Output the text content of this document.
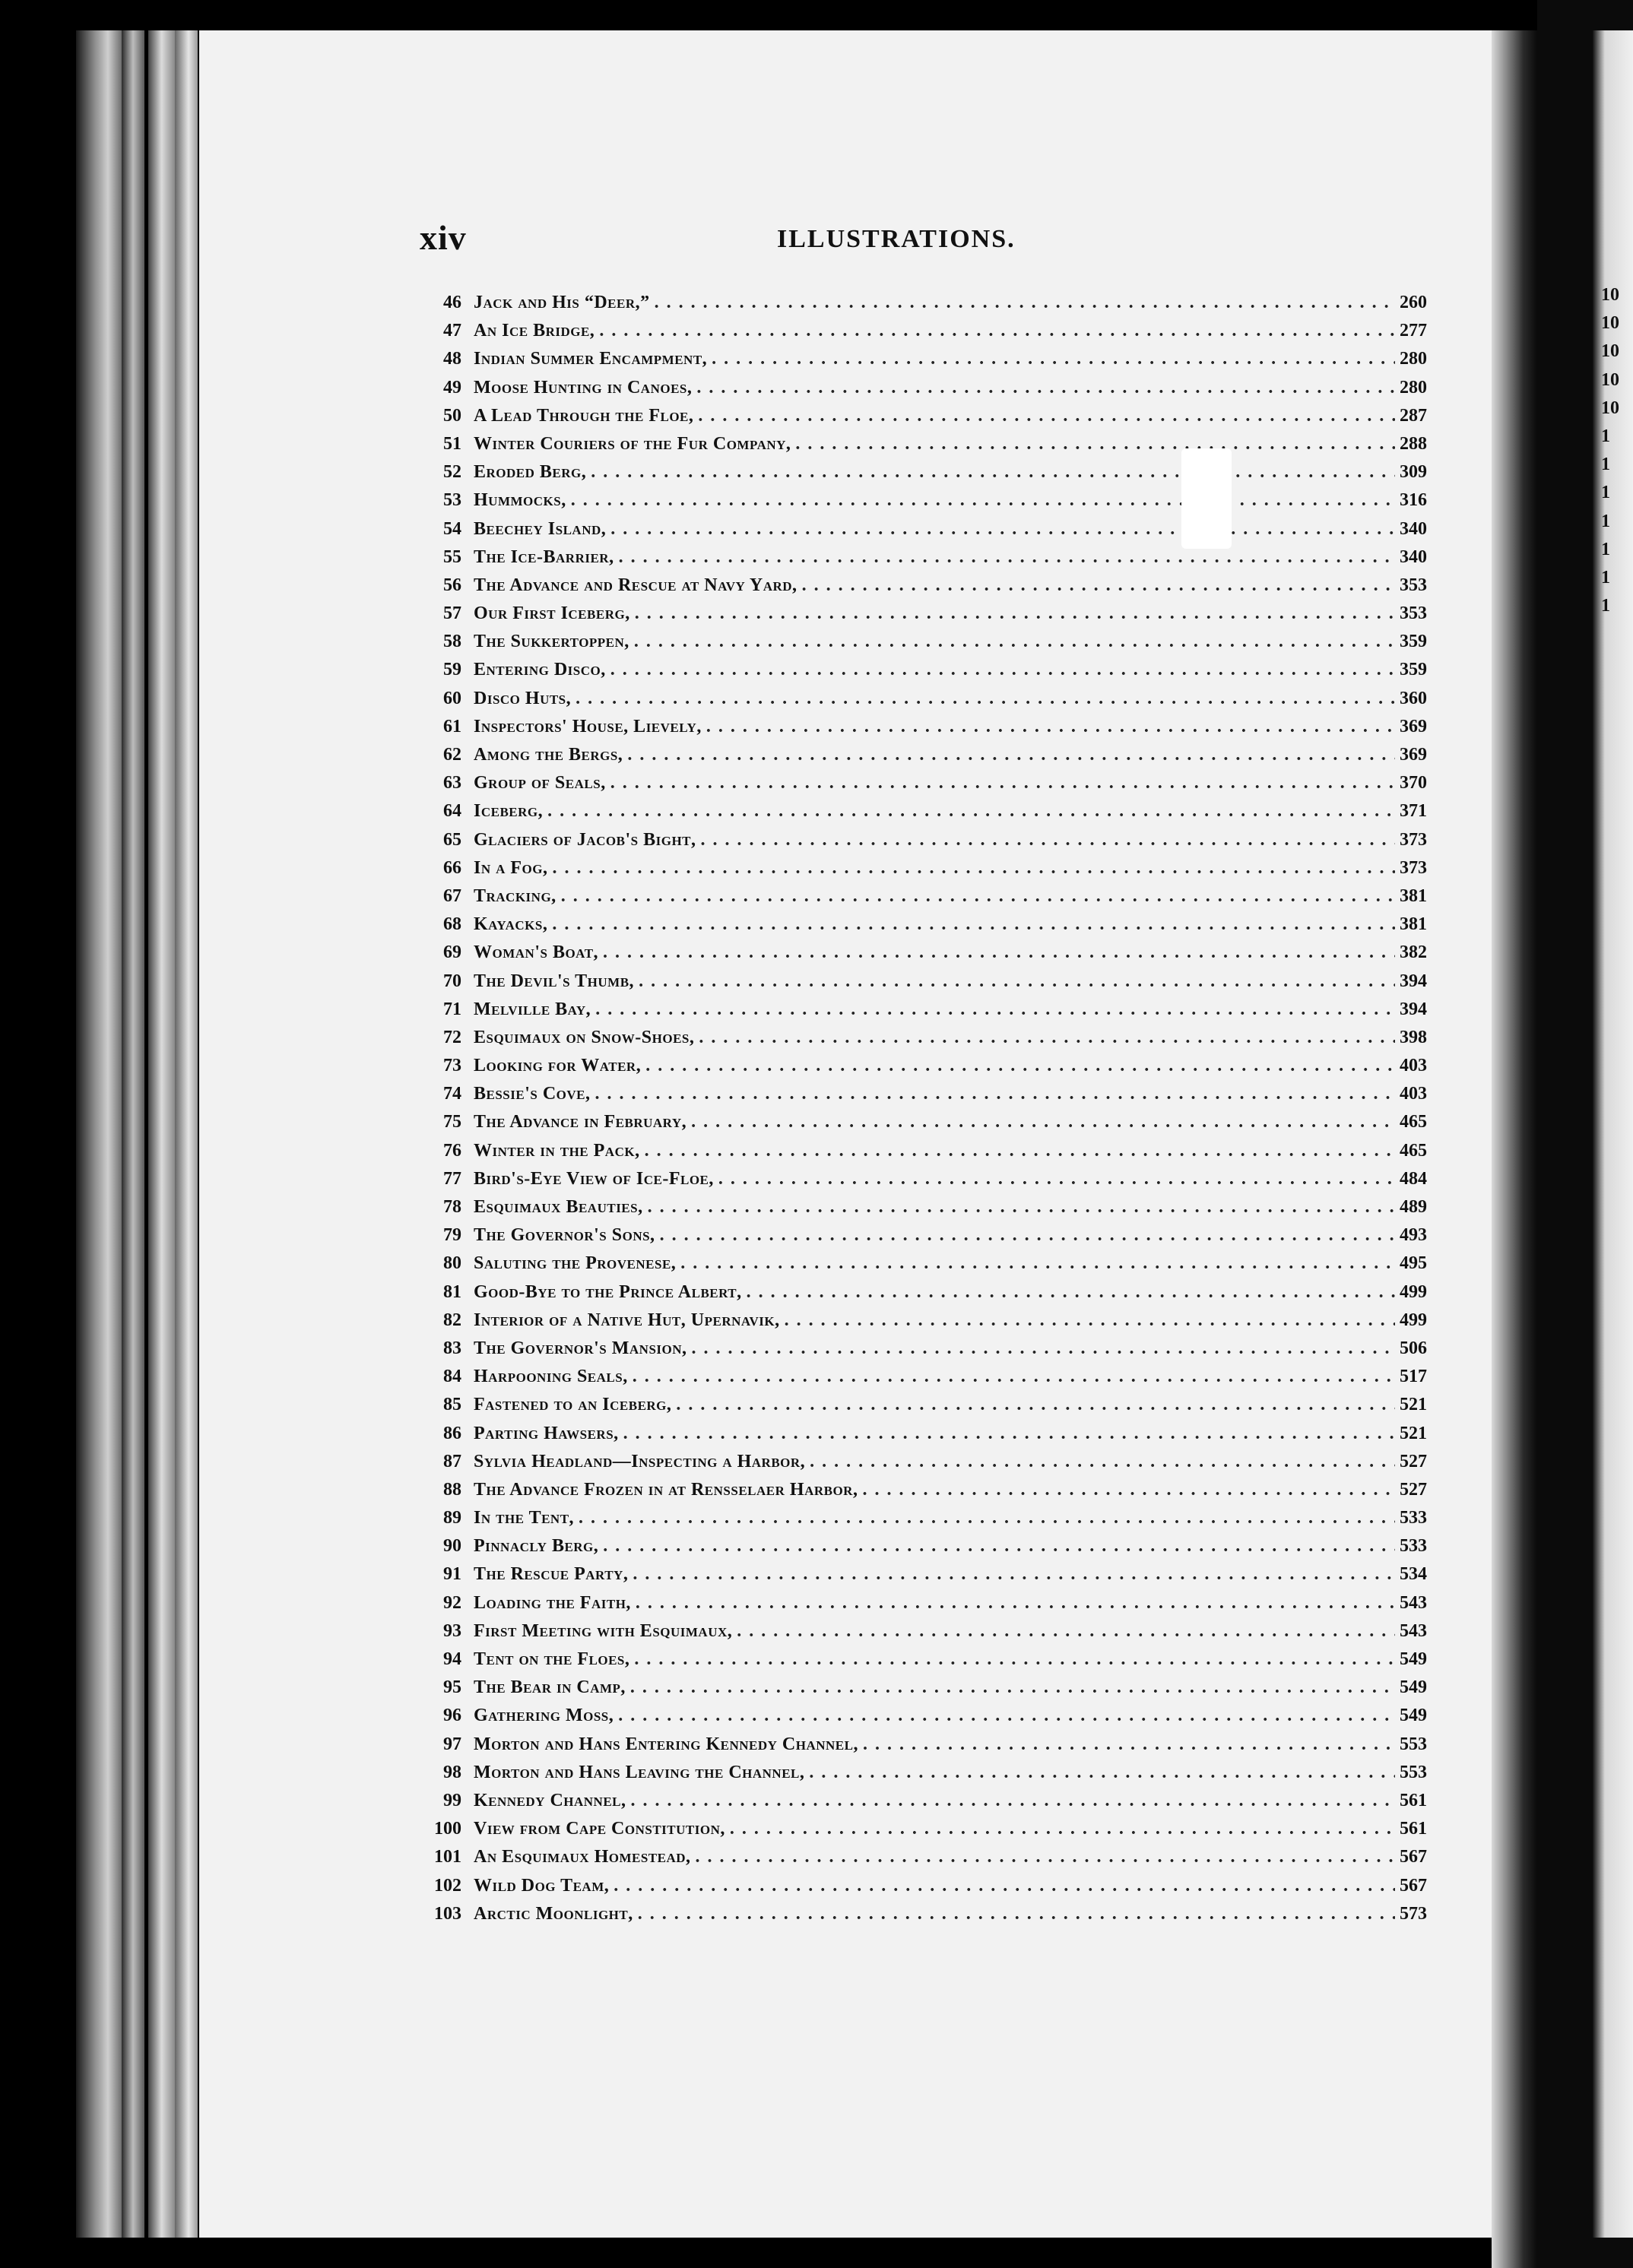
xiv	ILLUSTRATIONS.
46 Jack and His “Deer,” . . .	260
47 An Ice Bridge, . . .	277
48 Indian Summer Encampment, . . .	280
49 Moose Hunting in Canoes, . . .	280
50 A Lead Through the Floe, . . .	287
51 Winter Couriers of the Fur Company, . . .	288
52 Eroded Berg, . . .	309
53 Hummocks, . . .	316
54 Beechey Island, . . .	340
55 The Ice-Barrier, . . .	340
56 The Advance and Rescue at Navy Yard, . . .	353
57 Our First Iceberg, . . .	353
58 The Sukkertoppen, . . .	359
59 Entering Disco, . . .	359
60 Disco Huts, . . .	360
61 Inspectors' House, Lievely, . . .	369
62 Among the Bergs, . . .	369
63 Group of Seals, . . .	370
64 Iceberg, . . .	371
65 Glaciers of Jacob's Bight, . . .	373
66 In a Fog, . . .	373
67 Tracking, . . .	381
68 Kayacks, . . .	381
69 Woman's Boat, . . .	382
70 The Devil's Thumb, . . .	394
71 Melville Bay, . . .	394
72 Esquimaux on Snow-Shoes, . . .	398
73 Looking for Water, . . .	403
74 Bessie's Cove, . . .	403
75 The Advance in February, . . .	465
76 Winter in the Pack, . . .	465
77 Bird's-Eye View of Ice-Floe, . . .	484
78 Esquimaux Beauties, . . .	489
79 The Governor's Sons, . . .	493
80 Saluting the Provenese, . . .	495
81 Good-Bye to the Prince Albert, . . .	499
82 Interior of a Native Hut, Upernavik, . . .	499
83 The Governor's Mansion, . . .	506
84 Harpooning Seals, . . .	517
85 Fastened to an Iceberg, . . .	521
86 Parting Hawsers, . . .	521
87 Sylvia Headland—Inspecting a Harbor, . . .	527
88 The Advance Frozen in at Rensselaer Harbor, . . .	527
89 In the Tent, . . .	533
90 Pinnacly Berg, . . .	533
91 The Rescue Party, . . .	534
92 Loading the Faith, . . .	543
93 First Meeting with Esquimaux, . . .	543
94 Tent on the Floes, . . .	549
95 The Bear in Camp, . . .	549
96 Gathering Moss, . . .	549
97 Morton and Hans Entering Kennedy Channel, . . .	553
98 Morton and Hans Leaving the Channel, . . .	553
99 Kennedy Channel, . . .	561
100 View from Cape Constitution, . . .	561
101 An Esquimaux Homestead, . . .	567
102 Wild Dog Team, . . .	567
103 Arctic Moonlight, . . .	573
10
10
10
10
10
1
1
1
1
1
1
1
